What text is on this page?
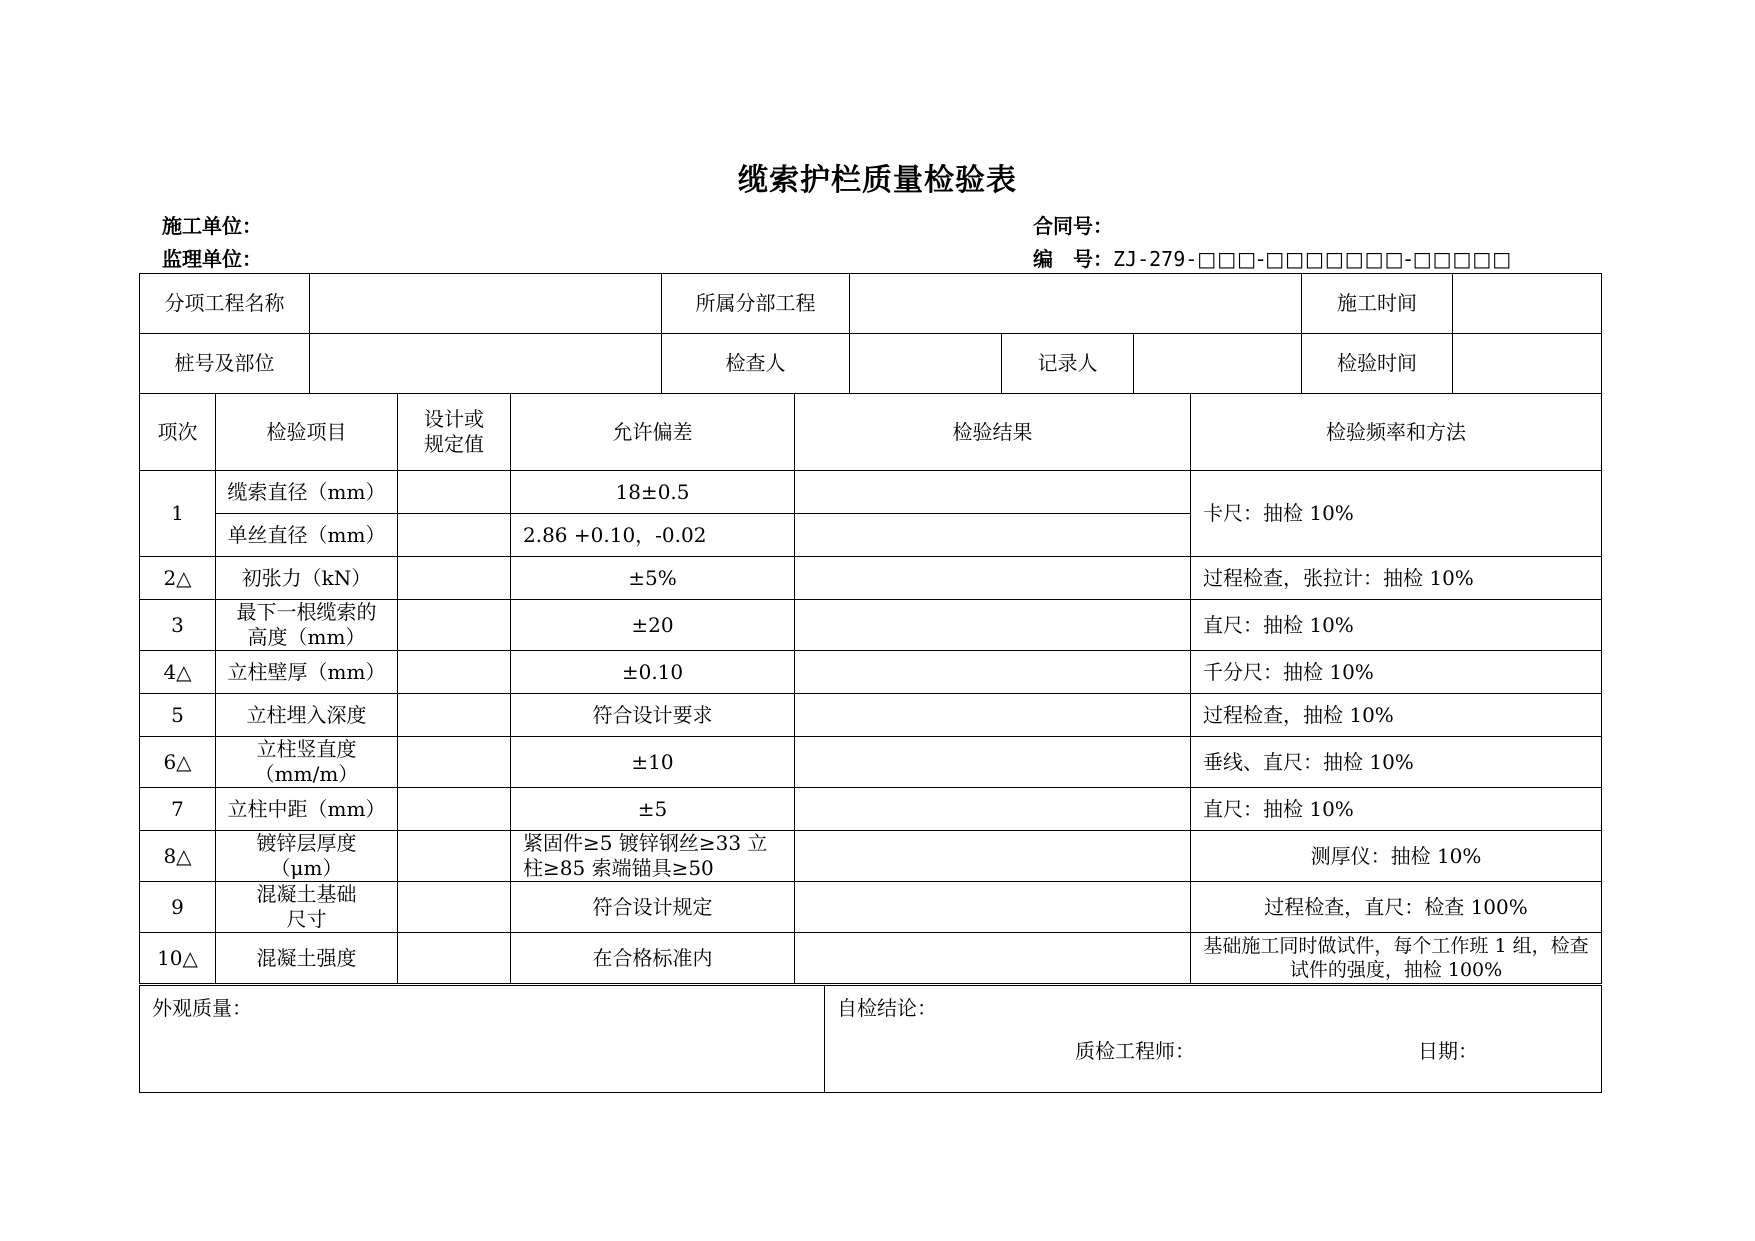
缆索护栏质量检验表
施工单位：
监理单位：
合同号：
编　号：ZJ-279-□□□-□□□□□□□-□□□□□
分项工程名称		所属分部工程				施工时间	
桩号及部位		检查人		记录人		检验时间	
项次	检验项目	设计或规定值	允许偏差	检验结果	检验频率和方法
1	缆索直径（mm）		18±0.5		卡尺：抽检 10%
	单丝直径（mm）		2.86 +0.10，-0.02		
2△	初张力（kN）		±5%		过程检查，张拉计：抽检 10%
3	最下一根缆索的高度（mm）		±20		直尺：抽检 10%
4△	立柱壁厚（mm）		±0.10		千分尺：抽检 10%
5	立柱埋入深度		符合设计要求		过程检查，抽检 10%
6△	立柱竖直度（mm/m）		±10		垂线、直尺：抽检 10%
7	立柱中距（mm）		±5		直尺：抽检 10%
8△	镀锌层厚度（μm）		紧固件≥5 镀锌钢丝≥33 立柱≥85 索端锚具≥50		测厚仪：抽检 10%
9	混凝土基础尺寸		符合设计规定		过程检查，直尺：检查 100%
10△	混凝土强度		在合格标准内		基础施工同时做试件，每个工作班 1 组，检查试件的强度，抽检 100%
外观质量：	自检结论：
质检工程师：	日期：
